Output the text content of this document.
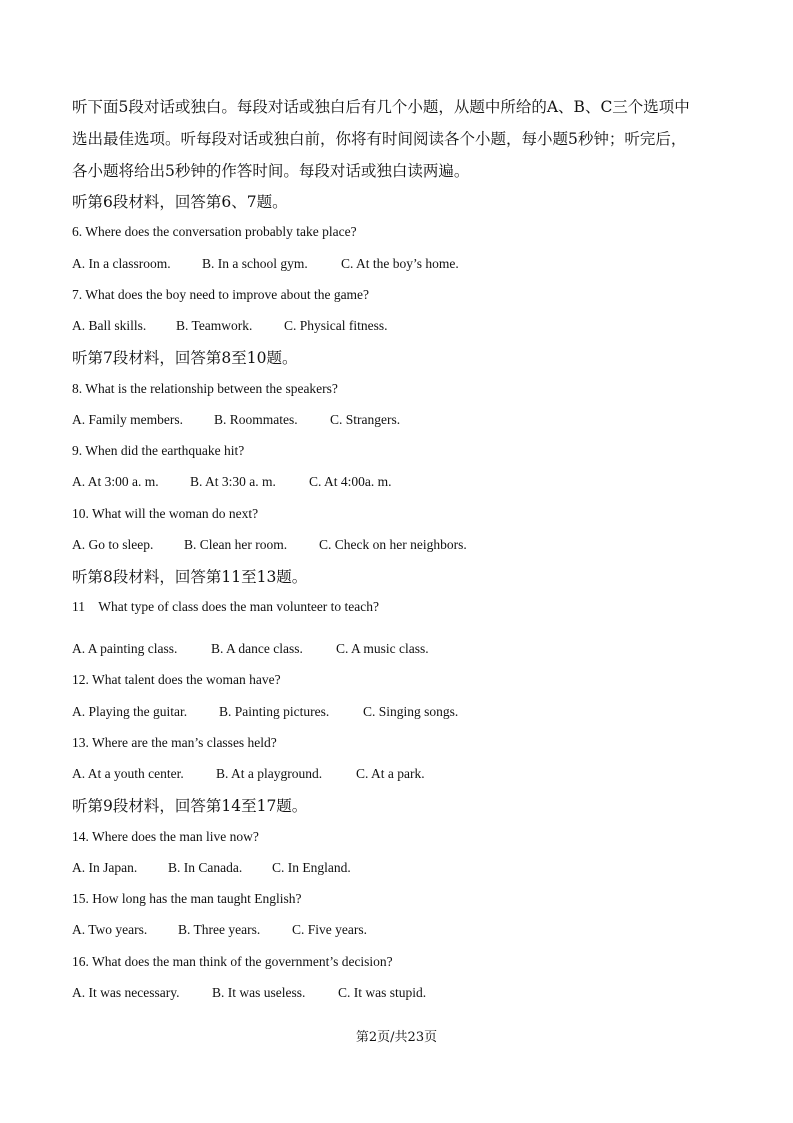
听下面5段对话或独白。每段对话或独白后有几个小题，从题中所给的A、B、C三个选项中
选出最佳选项。听每段对话或独白前，你将有时间阅读各个小题，每小题5秒钟；听完后，
各小题将给出5秒钟的作答时间。每段对话或独白读两遍。
听第6段材料，回答第6、7题。
6. Where does the conversation probably take place?
A. In a classroom. B. In a school gym. C. At the boy’s home.
7. What does the boy need to improve about the game?
A. Ball skills. B. Teamwork. C. Physical fitness.
听第7段材料，回答第8至10题。
8. What is the relationship between the speakers?
A. Family members. B. Roommates. C. Strangers.
9. When did the earthquake hit?
A. At 3:00 a. m. B. At 3:30 a. m. C. At 4:00a. m.
10. What will the woman do next?
A. Go to sleep. B. Clean her room. C. Check on her neighbors.
听第8段材料，回答第11至13题。
11    What type of class does the man volunteer to teach?
A. A painting class. B. A dance class. C. A music class.
12. What talent does the woman have?
A. Playing the guitar. B. Painting pictures.	C. Singing songs.
13. Where are the man’s classes held?
A. At a youth center. B. At a playground.	C. At a park.
听第9段材料，回答第14至17题。
14. Where does the man live now?
A. In Japan. B. In Canada. C. In England.
15. How long has the man taught English?
A. Two years. B. Three years. C. Five years.
16. What does the man think of the government’s decision?
A. It was necessary. B. It was useless. C. It was stupid.
第2页/共23页
